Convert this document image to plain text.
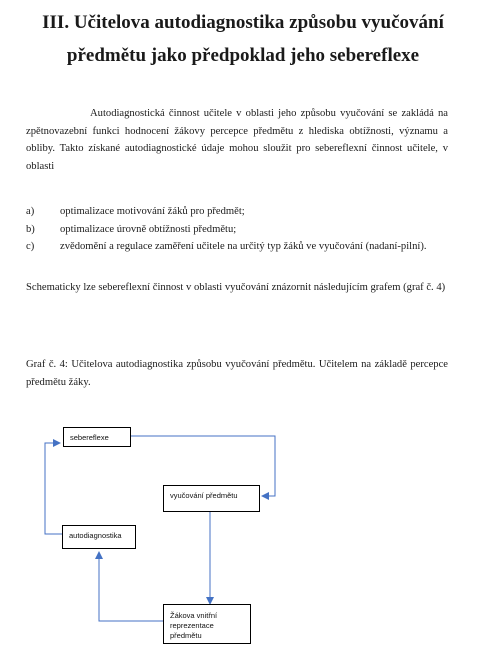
III. Učitelova autodiagnostika způsobu vyučování
předmětu jako předpoklad jeho sebereflexe

Autodiagnostická činnost učitele v oblasti jeho způsobu vyučování se zakládá na zpětnovazební funkci hodnocení žákovy percepce předmětu z hlediska obtížnosti, významu a obliby. Takto získané autodiagnostické údaje mohou sloužit pro sebereflexní činnost učitele, v oblasti

a)	optimalizace motivování žáků pro předmět;
b)	optimalizace úrovně obtížnosti předmětu;
c)	zvědomění a regulace zaměření učitele na určitý typ žáků ve vyučování (nadaní-pilní).

Schematicky lze sebereflexní činnost v oblasti vyučování znázornit následujícím grafem (graf č. 4)

Graf č. 4: Učitelova autodiagnostika způsobu vyučování předmětu. Učitelem na základě percepce předmětu žáky.

sebereflexe
vyučování předmětu
autodiagnostika
Žákova vnitřní reprezentace předmětu
